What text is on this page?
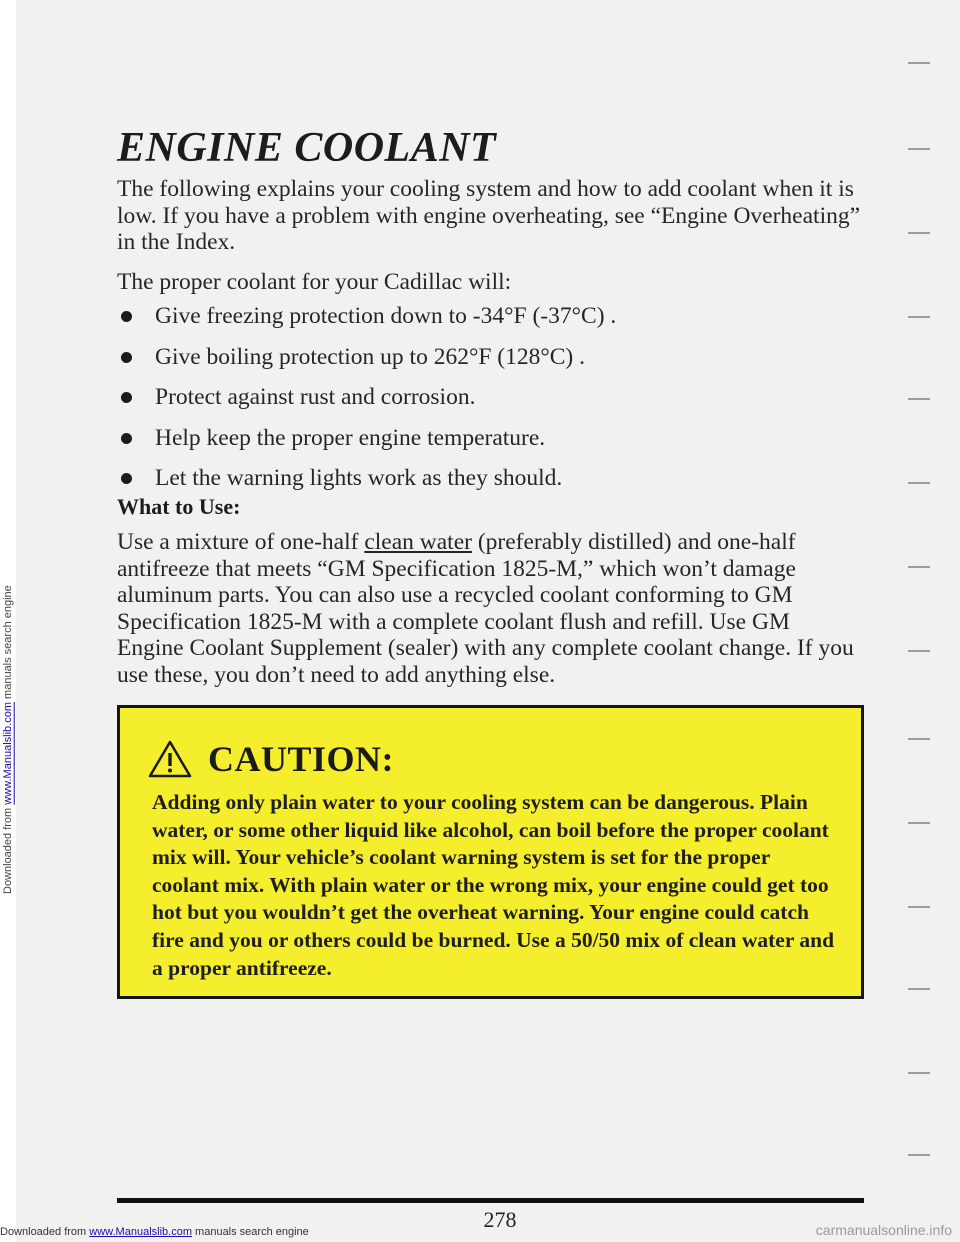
Downloaded from www.Manualslib.com manuals search engine
ENGINE COOLANT

The following explains your cooling system and how to add coolant when it is low. If you have a problem with engine overheating, see “Engine Overheating” in the Index.

The proper coolant for your Cadillac will:

Give freezing protection down to -34°F (-37°C) .
Give boiling protection up to 262°F (128°C) .
Protect against rust and corrosion.
Help keep the proper engine temperature.
Let the warning lights work as they should.
What to Use:

Use a mixture of one-half clean water (preferably distilled) and one-half antifreeze that meets “GM Specification 1825-M,” which won’t damage aluminum parts. You can also use a recycled coolant conforming to GM Specification 1825-M with a complete coolant flush and refill. Use GM Engine Coolant Supplement (sealer) with any complete coolant change. If you use these, you don’t need to add anything else.

CAUTION:

Adding only plain water to your cooling system can be dangerous. Plain water, or some other liquid like alcohol, can boil before the proper coolant mix will. Your vehicle’s coolant warning system is set for the proper coolant mix. With plain water or the wrong mix, your engine could get too hot but you wouldn’t get the overheat warning. Your engine could catch fire and you or others could be burned. Use a 50/50 mix of clean water and a proper antifreeze.

278
Downloaded from www.Manualslib.com manuals search engine	carmanualsonline.info
